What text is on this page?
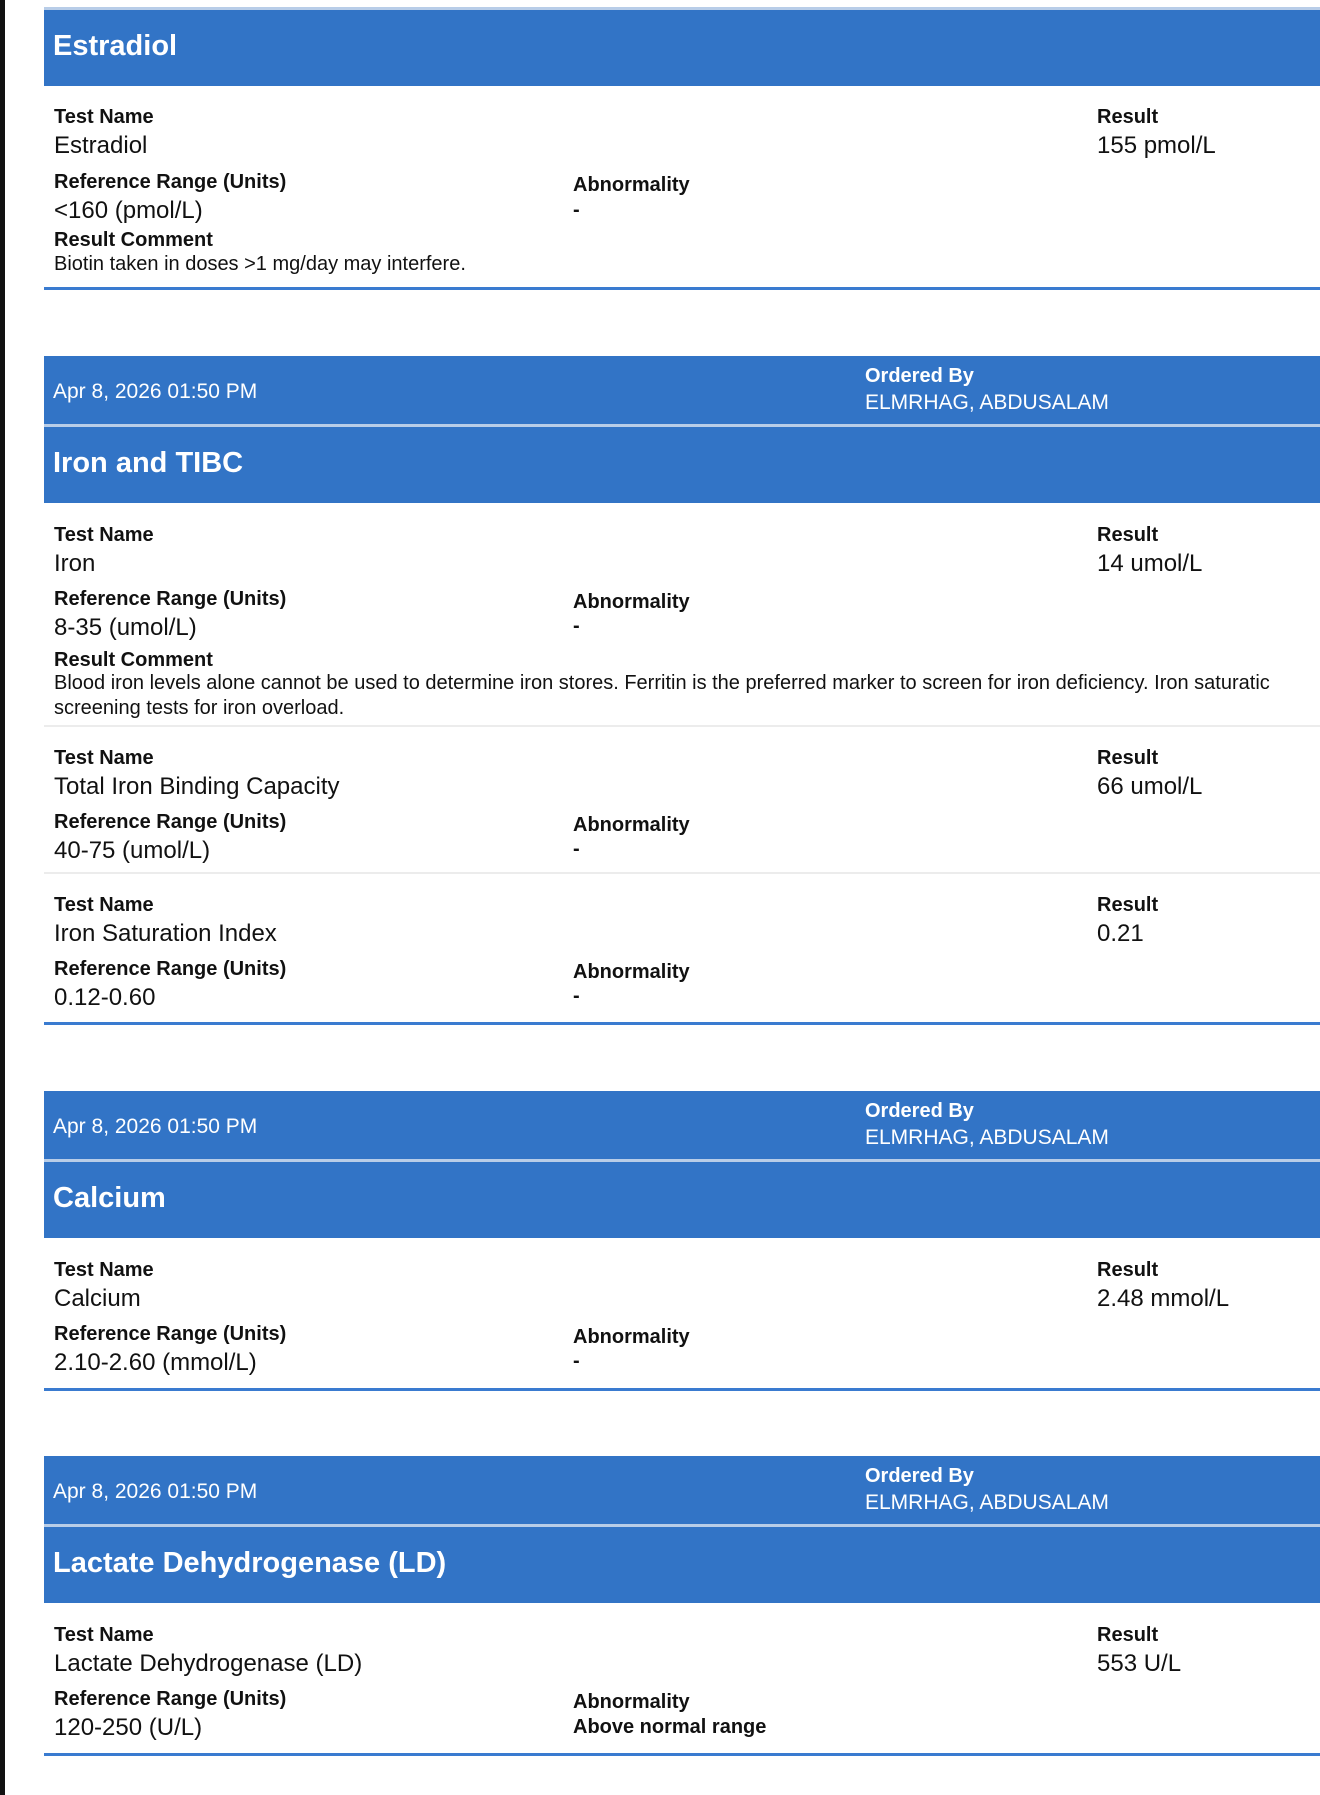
Estradiol
Test Name
Estradiol
Result
155 pmol/L
Reference Range (Units)
<160 (pmol/L)
Abnormality
-
Result Comment
Biotin taken in doses >1 mg/day may interfere.
Apr 8, 2026 01:50 PM
Ordered By
ELMRHAG, ABDUSALAM
Iron and TIBC
Test Name
Iron
Result
14 umol/L
Reference Range (Units)
8-35 (umol/L)
Abnormality
-
Result Comment
Blood iron levels alone cannot be used to determine iron stores. Ferritin is the preferred marker to screen for iron deficiency. Iron saturatic
screening tests for iron overload.
Test Name
Total Iron Binding Capacity
Result
66 umol/L
Reference Range (Units)
40-75 (umol/L)
Abnormality
-
Test Name
Iron Saturation Index
Result
0.21
Reference Range (Units)
0.12-0.60
Abnormality
-
Apr 8, 2026 01:50 PM
Ordered By
ELMRHAG, ABDUSALAM
Calcium
Test Name
Calcium
Result
2.48 mmol/L
Reference Range (Units)
2.10-2.60 (mmol/L)
Abnormality
-
Apr 8, 2026 01:50 PM
Ordered By
ELMRHAG, ABDUSALAM
Lactate Dehydrogenase (LD)
Test Name
Lactate Dehydrogenase (LD)
Result
553 U/L
Reference Range (Units)
120-250 (U/L)
Abnormality
Above normal range
